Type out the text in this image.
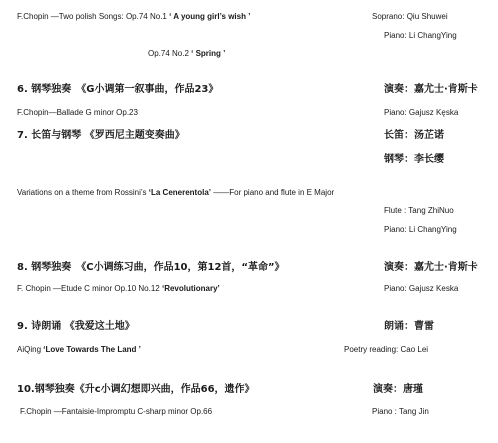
F.Chopin —Two polish Songs: Op.74 No.1 ‘ A young girl’s wish ’	Soprano: Qiu Shuwei
Piano: Li ChangYing
Op.74 No.2 ‘ Spring ’
6. 钢琴独奏　《G小调第一叙事曲，作品23》	演奏：嘉尤士·肯斯卡
F.Chopin—Ballade G minor Op.23	Piano: Gajusz Kęska
7. 长笛与钢琴 《罗西尼主题变奏曲》	长笛：汤芷诺
钢琴：李长缨
Variations on a theme from Rossini’s ‘La Cenerentola’ ——For piano and flute in E Major
Flute : Tang ZhiNuo
Piano: Li ChangYing
8. 钢琴独奏　《C小调练习曲，作品10，第12首，“革命”》	演奏：嘉尤士·肯斯卡
F. Chopin —Etude C minor Op.10 No.12 ‘Revolutionary’	Piano: Gajusz Keska
9. 诗朗诵 《我爱这土地》	朗诵：曹雷
AiQing ‘Love Towards The Land ’	Poetry reading: Cao Lei
10.钢琴独奏《升c小调幻想即兴曲，作品66，遗作》	演奏：唐瑾
F.Chopin —Fantaisie-Impromptu C-sharp minor Op.66	Piano : Tang Jin
